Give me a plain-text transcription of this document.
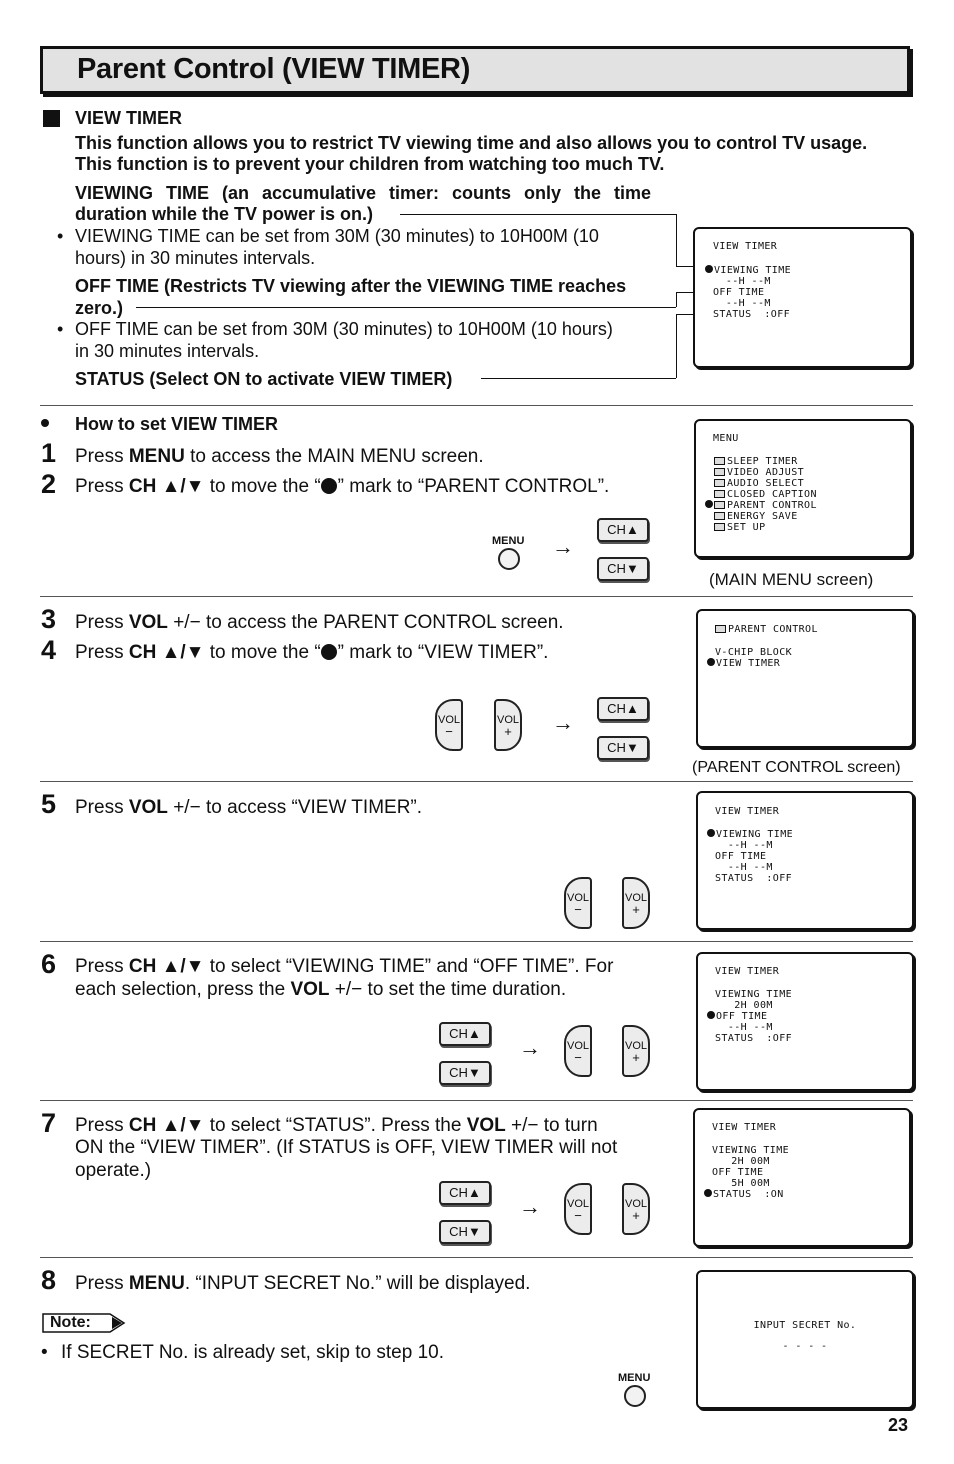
Parent Control (VIEW TIMER)
VIEW TIMER
This function allows you to restrict TV viewing time and also allows you to control TV usage.
This function is to prevent your children from watching too much TV.
VIEWING TIME (an accumulative timer: counts only the time
duration while the TV power is on.)
• VIEWING TIME can be set from 30M (30 minutes) to 10H00M (10
hours) in 30 minutes intervals.
OFF TIME (Restricts TV viewing after the VIEWING TIME reaches
zero.)
• OFF TIME can be set from 30M (30 minutes) to 10H00M (10 hours)
in 30 minutes intervals.
STATUS (Select ON to activate VIEW TIMER)
VIEW TIMER
VIEWING TIME
--H --M
OFF TIME
--H --M
STATUS  :OFF
How to set VIEW TIMER
1 Press MENU to access the MAIN MENU screen.
2 Press CH ▲/▼ to move the “ ” mark to “PARENT CONTROL”.
MENU →
CH▲
CH▼
MENU
SLEEP TIMER
VIDEO ADJUST
AUDIO SELECT
CLOSED CAPTION
PARENT CONTROL
ENERGY SAVE
SET UP
(MAIN MENU screen)
3 Press VOL +/− to access the PARENT CONTROL screen.
4 Press CH ▲/▼ to move the “ ” mark to “VIEW TIMER”.
VOL
−
VOL
+	→
CH▲
CH▼
PARENT CONTROL
V-CHIP BLOCK
VIEW TIMER
(PARENT CONTROL screen)
5 Press VOL +/− to access “VIEW TIMER”.
VOL
−
VOL
+
VIEW TIMER
VIEWING TIME
--H --M
OFF TIME
--H --M
STATUS  :OFF
6 Press CH ▲/▼ to select “VIEWING TIME” and “OFF TIME”. For
each selection, press the VOL +/− to set the time duration.
CH▲
CH▼
→ VOL
−
VOL
+
VIEW TIMER
VIEWING TIME
2H 00M
OFF TIME
--H --M
STATUS  :OFF
7 Press CH ▲/▼ to select “STATUS”. Press the VOL +/− to turn
ON the “VIEW TIMER”. (If STATUS is OFF, VIEW TIMER will not
operate.)
CH▲
CH▼
→ VOL
−
VOL
+
VIEW TIMER
VIEWING TIME
2H 00M
OFF TIME
5H 00M
STATUS  :ON
8 Press MENU. “INPUT SECRET No.” will be displayed.
Note:
• If SECRET No. is already set, skip to step 10.
MENU
INPUT SECRET No.
- - - -
23
